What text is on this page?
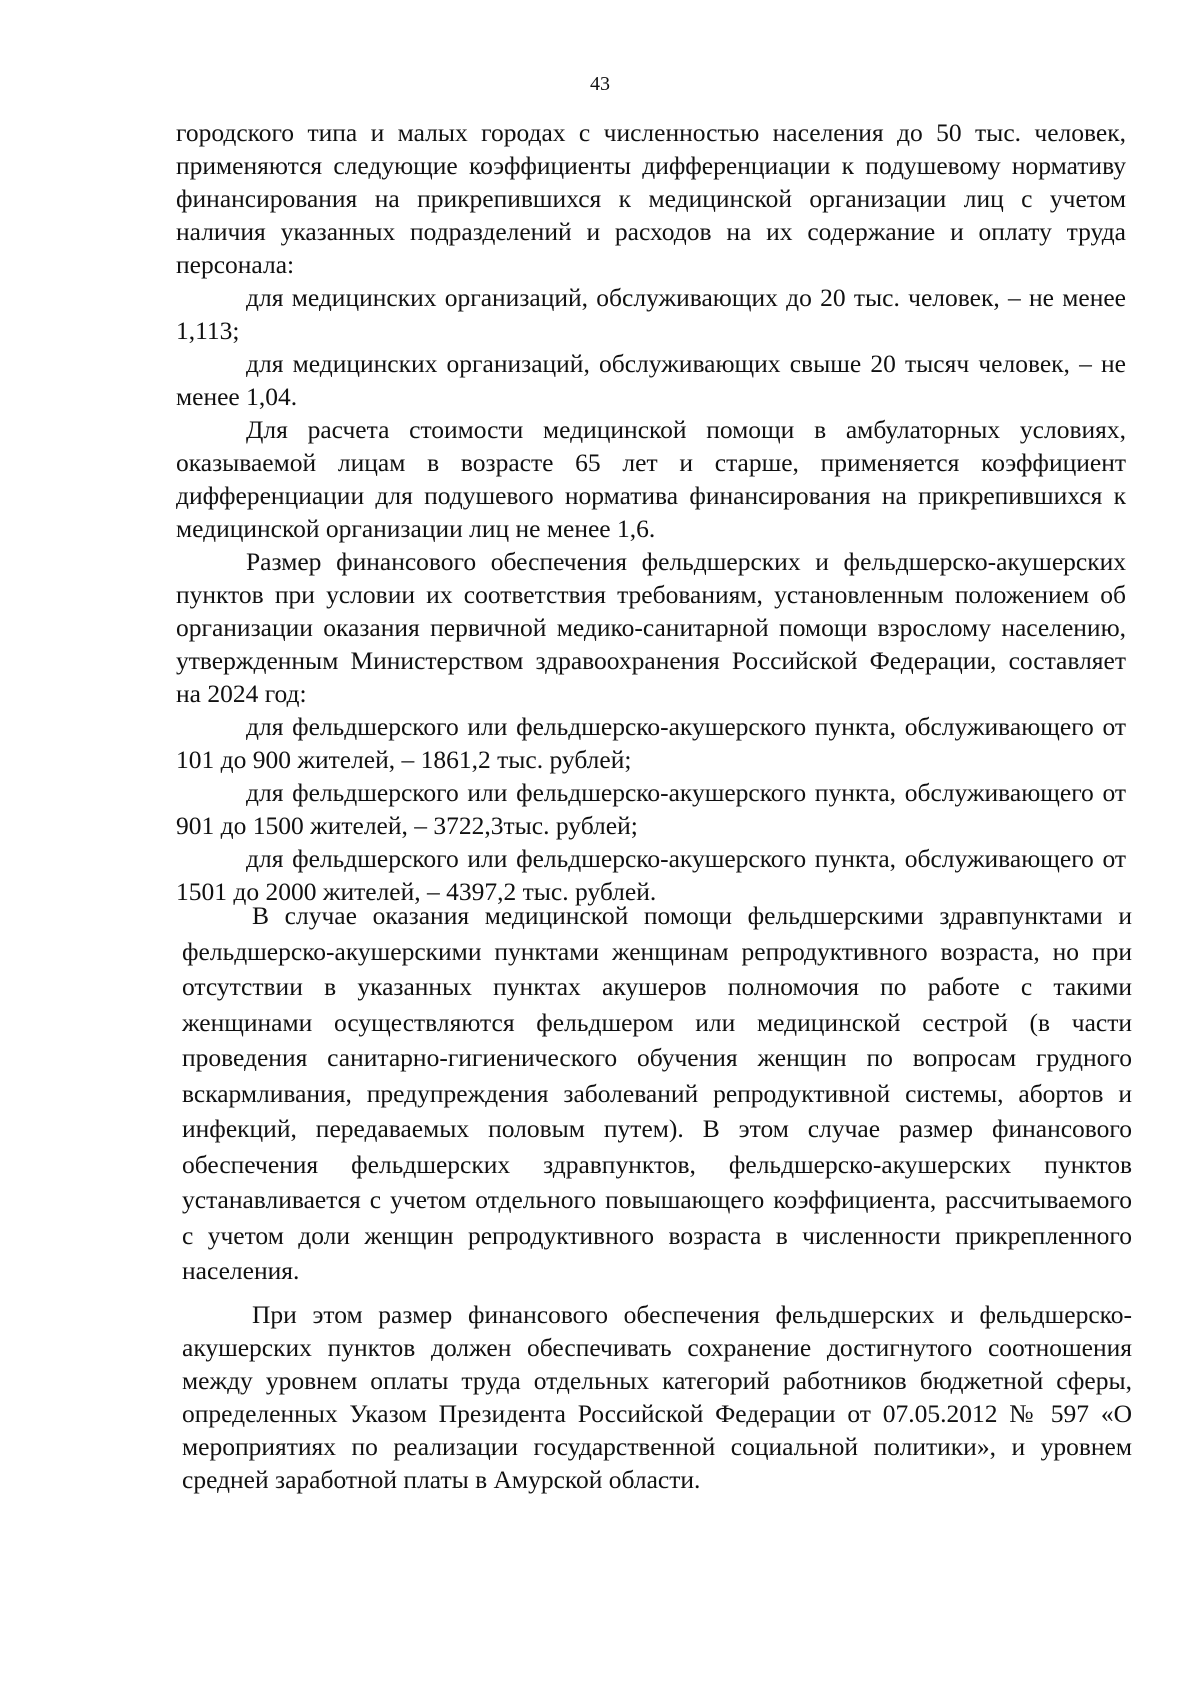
43

городского типа и малых городах с численностью населения до 50 тыс. человек, применяются следующие коэффициенты дифференциации к подушевому нормативу финансирования на прикрепившихся к медицинской организации лиц с учетом наличия указанных подразделений и расходов на их содержание и оплату труда персонала:

для медицинских организаций, обслуживающих до 20 тыс. человек, – не менее 1,113;

для медицинских организаций, обслуживающих свыше 20 тысяч человек, – не менее 1,04.

Для расчета стоимости медицинской помощи в амбулаторных условиях, оказываемой лицам в возрасте 65 лет и старше, применяется коэффициент дифференциации для подушевого норматива финансирования на прикрепившихся к медицинской организации лиц не менее 1,6.

Размер финансового обеспечения фельдшерских и фельдшерско-акушерских пунктов при условии их соответствия требованиям, установленным положением об организации оказания первичной медико-санитарной помощи взрослому населению, утвержденным Министерством здравоохранения Российской Федерации, составляет на 2024 год:

для фельдшерского или фельдшерско-акушерского пункта, обслуживающего от 101 до 900 жителей, – 1861,2 тыс. рублей;

для фельдшерского или фельдшерско-акушерского пункта, обслуживающего от 901 до 1500 жителей, – 3722,3тыс. рублей;

для фельдшерского или фельдшерско-акушерского пункта, обслуживающего от 1501 до 2000 жителей, – 4397,2 тыс. рублей.

В случае оказания медицинской помощи фельдшерскими здравпунктами и фельдшерско-акушерскими пунктами женщинам репродуктивного возраста, но при отсутствии в указанных пунктах акушеров полномочия по работе с такими женщинами осуществляются фельдшером или медицинской сестрой (в части проведения санитарно-гигиенического обучения женщин по вопросам грудного вскармливания, предупреждения заболеваний репродуктивной системы, абортов и инфекций, передаваемых половым путем). В этом случае размер финансового обеспечения фельдшерских здравпунктов, фельдшерско-акушерских пунктов устанавливается с учетом отдельного повышающего коэффициента, рассчитываемого с учетом доли женщин репродуктивного возраста в численности прикрепленного населения.

При этом размер финансового обеспечения фельдшерских и фельдшерско-акушерских пунктов должен обеспечивать сохранение достигнутого соотношения между уровнем оплаты труда отдельных категорий работников бюджетной сферы, определенных Указом Президента Российской Федерации от 07.05.2012 № 597 «О мероприятиях по реализации государственной социальной политики», и уровнем средней заработной платы в Амурской области.
